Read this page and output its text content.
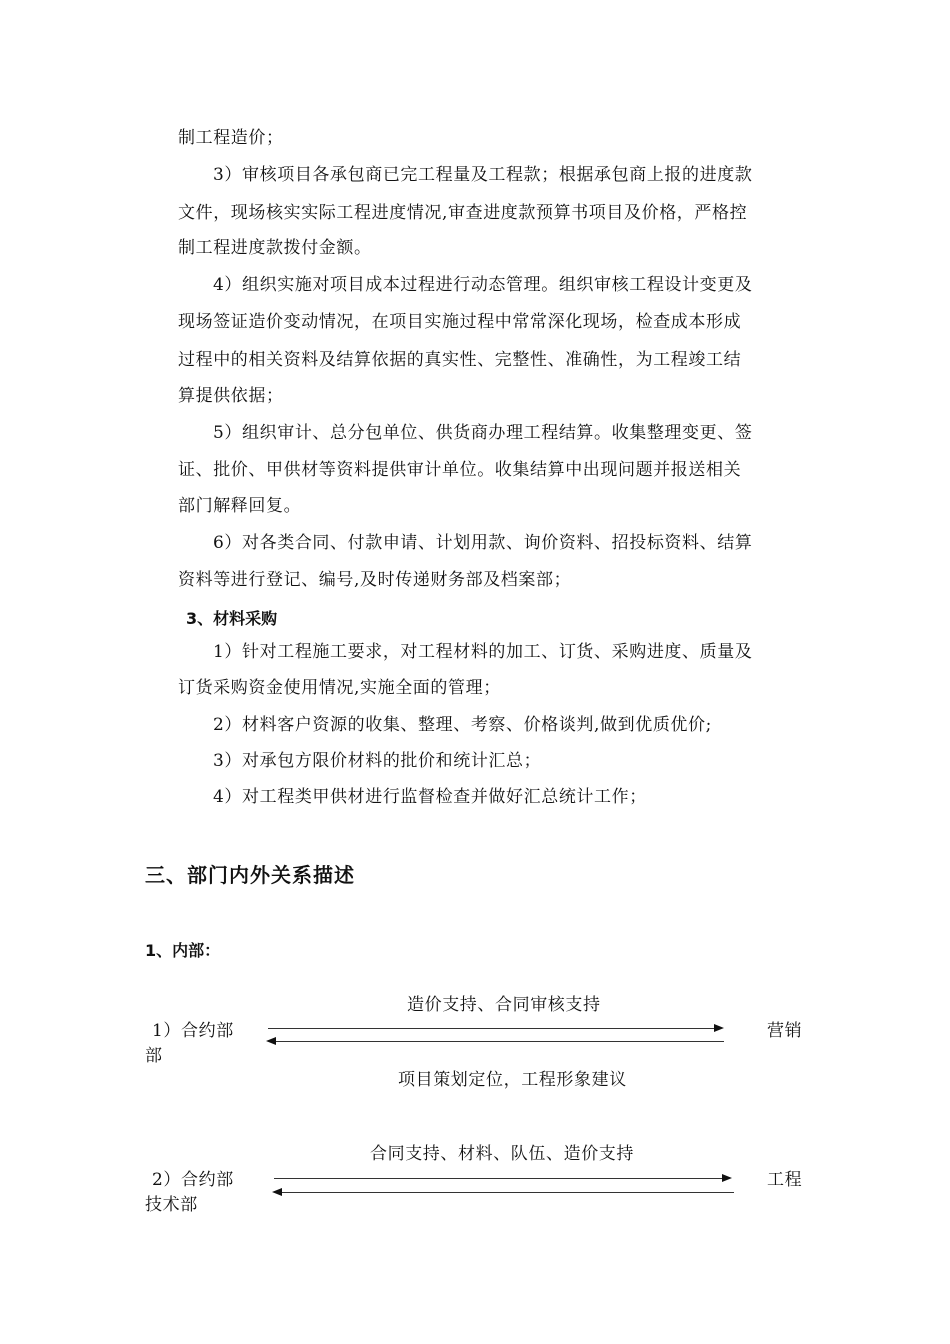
制工程造价；
3）审核项目各承包商已完工程量及工程款；根据承包商上报的进度款
文件，现场核实实际工程进度情况,审查进度款预算书项目及价格，严格控
制工程进度款拨付金额。
4）组织实施对项目成本过程进行动态管理。组织审核工程设计变更及
现场签证造价变动情况，在项目实施过程中常常深化现场，检查成本形成
过程中的相关资料及结算依据的真实性、完整性、准确性，为工程竣工结
算提供依据；
5）组织审计、总分包单位、供货商办理工程结算。收集整理变更、签
证、批价、甲供材等资料提供审计单位。收集结算中出现问题并报送相关
部门解释回复。
6）对各类合同、付款申请、计划用款、询价资料、招投标资料、结算
资料等进行登记、编号,及时传递财务部及档案部；
3、材料采购
1）针对工程施工要求，对工程材料的加工、订货、采购进度、质量及
订货采购资金使用情况,实施全面的管理；
2）材料客户资源的收集、整理、考察、价格谈判,做到优质优价;
3）对承包方限价材料的批价和统计汇总；
4）对工程类甲供材进行监督检查并做好汇总统计工作；
三、部门内外关系描述
1、内部：
造价支持、合同审核支持
1）合约部
部
营销
项目策划定位，工程形象建议
合同支持、材料、队伍、造价支持
2）合约部
技术部
工程
